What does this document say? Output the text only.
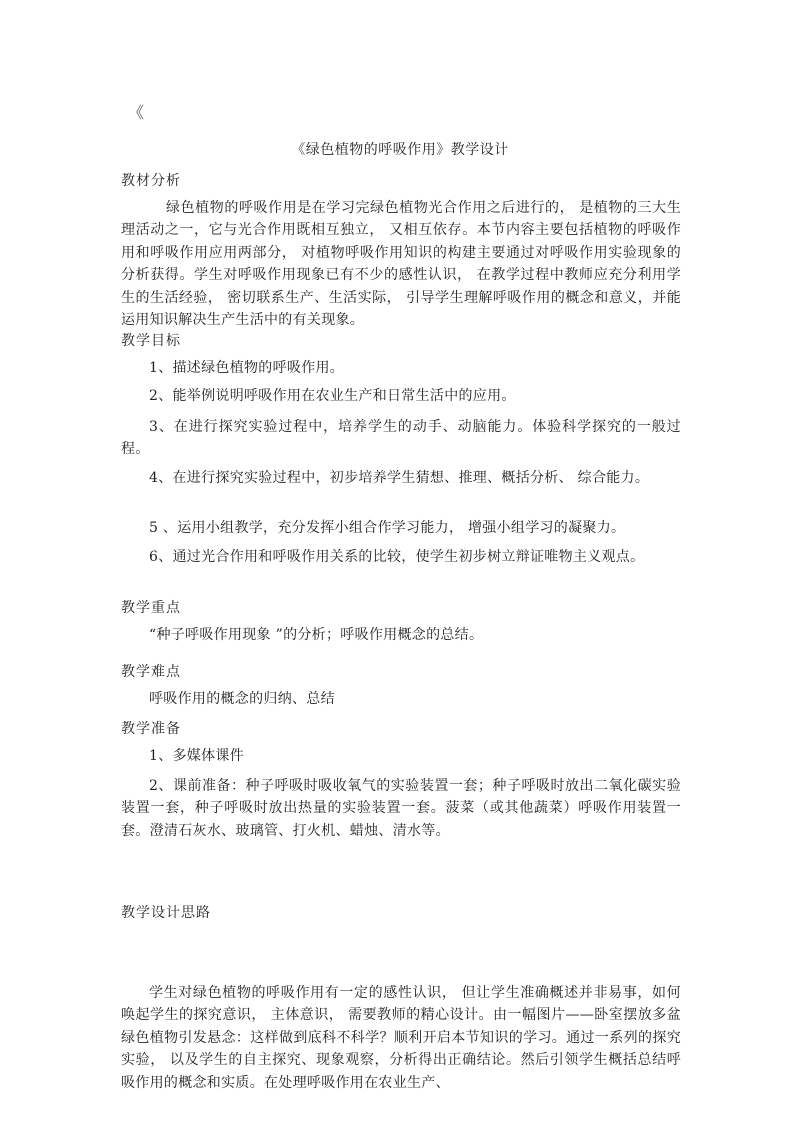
《
《绿色植物的呼吸作用》教学设计
教材分析
绿色植物的呼吸作用是在学习完绿色植物光合作用之后进行的， 是植物的三大生理活动之一，它与光合作用既相互独立， 又相互依存。本节内容主要包括植物的呼吸作用和呼吸作用应用两部分， 对植物呼吸作用知识的构建主要通过对呼吸作用实验现象的分析获得。学生对呼吸作用现象已有不少的感性认识， 在教学过程中教师应充分利用学生的生活经验， 密切联系生产、生活实际， 引导学生理解呼吸作用的概念和意义，并能运用知识解决生产生活中的有关现象。
教学目标
1、描述绿色植物的呼吸作用。
2、能举例说明呼吸作用在农业生产和日常生活中的应用。
3、在进行探究实验过程中，培养学生的动手、动脑能力。体验科学探究的一般过程。
4、在进行探究实验过程中，初步培养学生猜想、推理、概括分析、 综合能力。
5 、运用小组教学，充分发挥小组合作学习能力， 增强小组学习的凝聚力。
6、通过光合作用和呼吸作用关系的比较，使学生初步树立辩证唯物主义观点。
教学重点
“种子呼吸作用现象 ”的分析；呼吸作用概念的总结。
教学难点
呼吸作用的概念的归纳、总结
教学准备
1、多媒体课件
2、课前准备：种子呼吸时吸收氧气的实验装置一套；种子呼吸时放出二氧化碳实验装置一套，种子呼吸时放出热量的实验装置一套。菠菜（或其他蔬菜）呼吸作用装置一套。澄清石灰水、玻璃管、打火机、蜡烛、清水等。
教学设计思路
学生对绿色植物的呼吸作用有一定的感性认识， 但让学生准确概述并非易事，如何唤起学生的探究意识， 主体意识， 需要教师的精心设计。由一幅图片——卧室摆放多盆绿色植物引发悬念：这样做到底科不科学？顺利开启本节知识的学习。通过一系列的探究实验， 以及学生的自主探究、现象观察，分析得出正确结论。然后引领学生概括总结呼吸作用的概念和实质。在处理呼吸作用在农业生产、
